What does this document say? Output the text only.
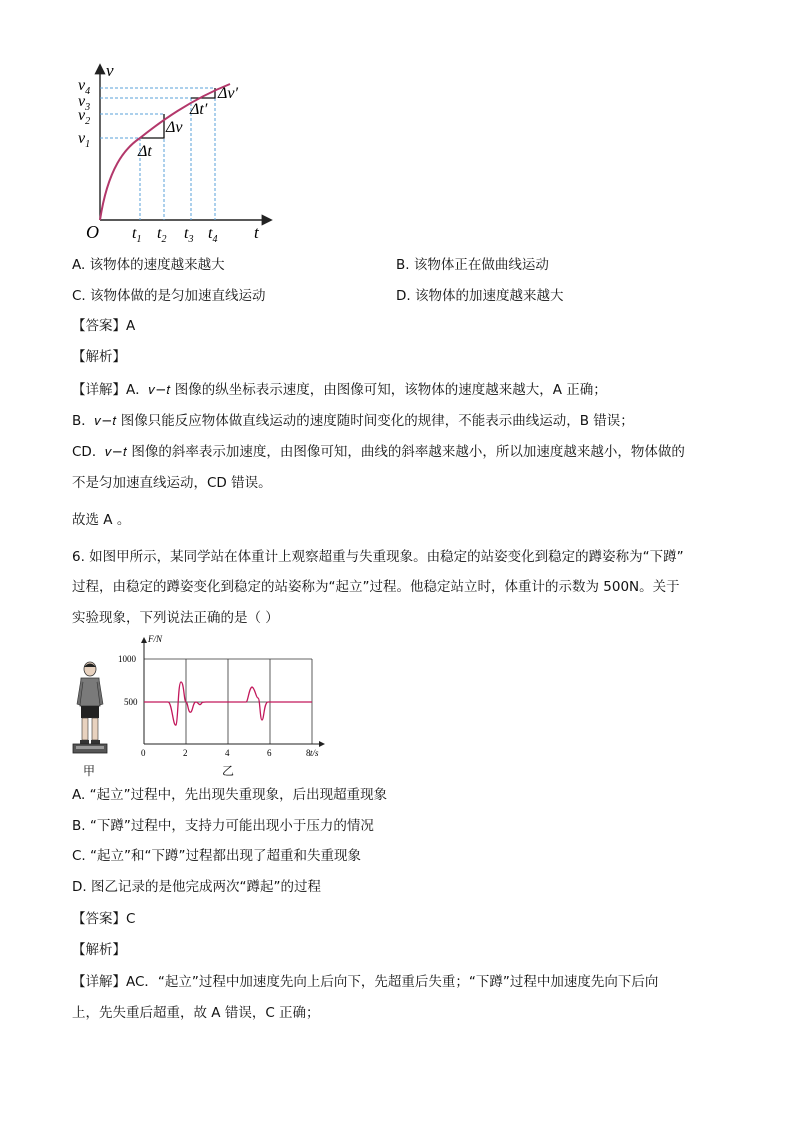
v
t
O
$v_4$
$v_3$
$v_2$
$v_1$
$t_1$ $t_2$ $t_3$ $t_4$
Δt
Δv
Δt′
Δv′
A. 该物体的速度越来越大	B. 该物体正在做曲线运动
C. 该物体做的是匀加速直线运动	D. 该物体的加速度越来越大
【答案】A
【解析】
【详解】A．𝑣−𝑡 图像的纵坐标表示速度，由图像可知，该物体的速度越来越大，A 正确；
B．𝑣−𝑡 图像只能反应物体做直线运动的速度随时间变化的规律，不能表示曲线运动，B 错误；
CD．𝑣−𝑡 图像的斜率表示加速度，由图像可知，曲线的斜率越来越小，所以加速度越来越小，物体做的
不是匀加速直线运动，CD 错误。
故选 A 。
6. 如图甲所示，某同学站在体重计上观察超重与失重现象。由稳定的站姿变化到稳定的蹲姿称为“下蹲”
过程，由稳定的蹲姿变化到稳定的站姿称为“起立”过程。他稳定站立时，体重计的示数为 500N。关于
实验现象，下列说法正确的是（ ）
甲
F/N
t/s
1000
500
0	2	4	6	8
乙
A. “起立”过程中，先出现失重现象，后出现超重现象
B. “下蹲”过程中，支持力可能出现小于压力的情况
C. “起立”和“下蹲”过程都出现了超重和失重现象
D. 图乙记录的是他完成两次“蹲起”的过程
【答案】C
【解析】
【详解】AC．“起立”过程中加速度先向上后向下，先超重后失重；“下蹲”过程中加速度先向下后向
上，先失重后超重，故 A 错误，C 正确；
